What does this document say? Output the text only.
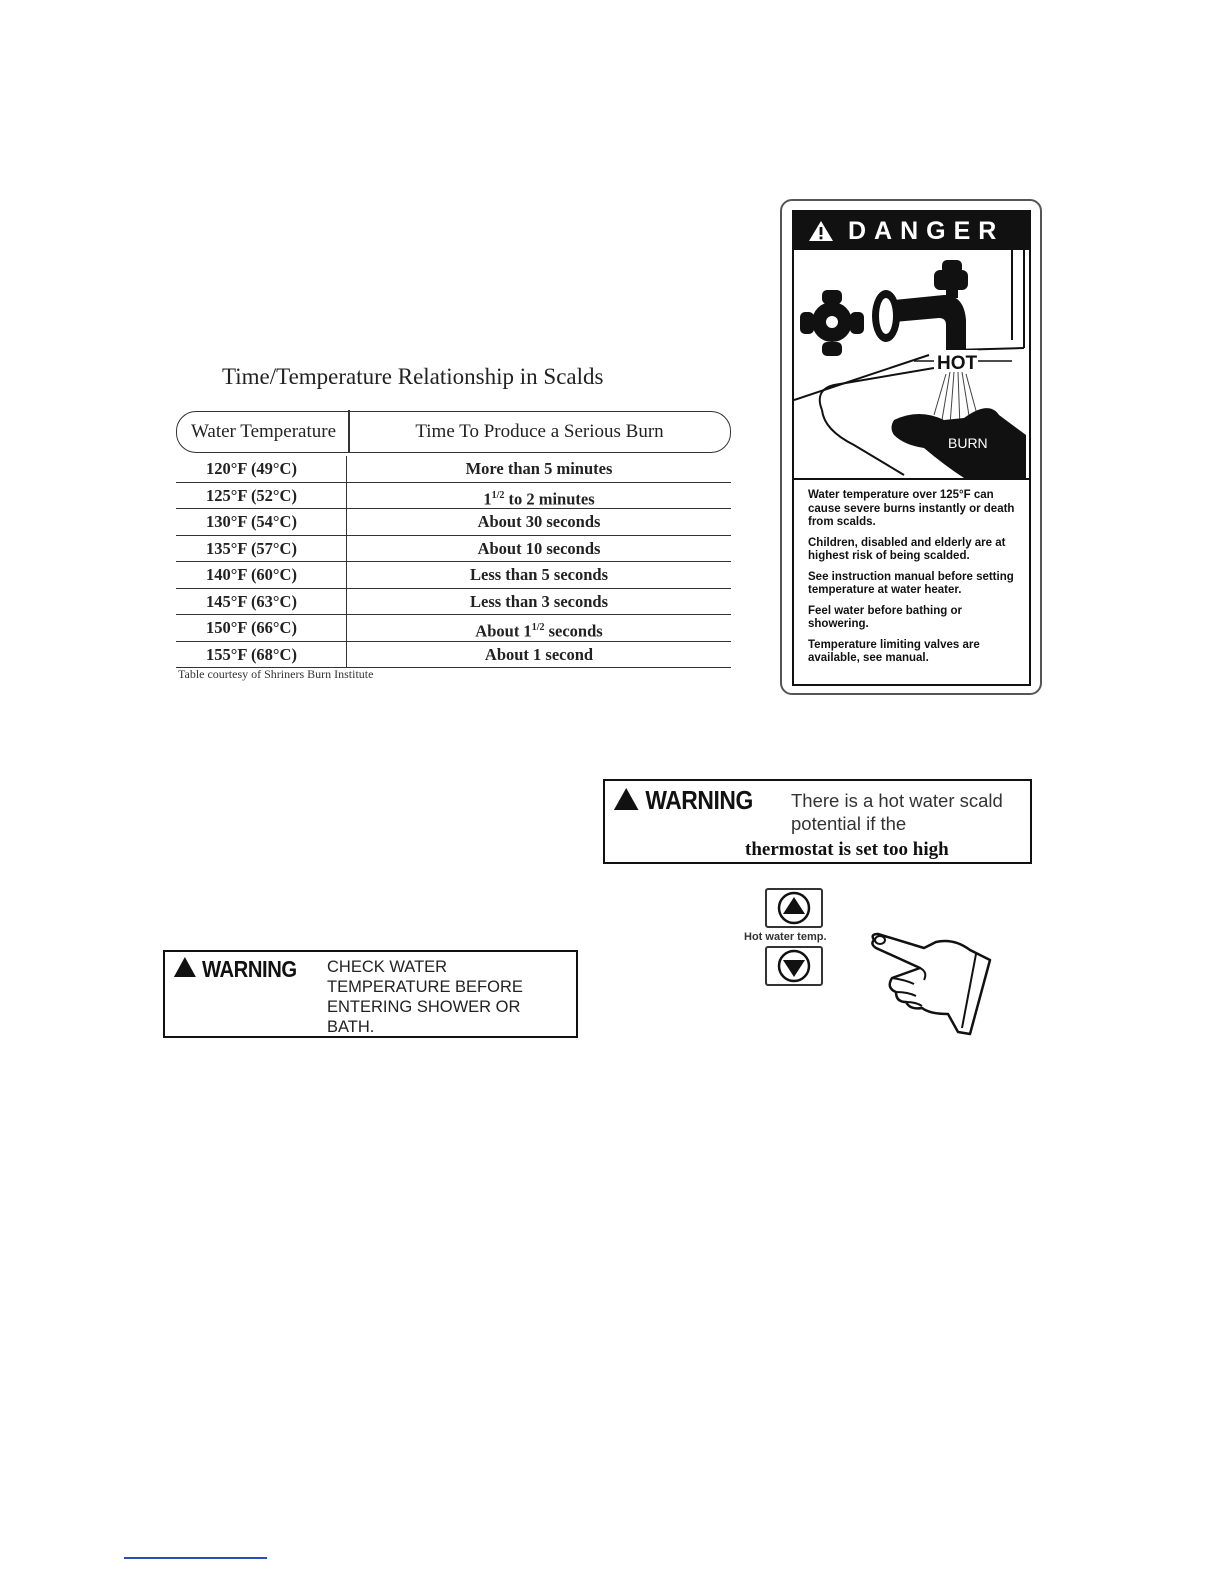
Time/Temperature Relationship in Scalds
Water Temperature	Time To Produce a Serious Burn
120°F (49°C)	More than 5 minutes
125°F (52°C)	$1^{1/2}$ to 2 minutes
130°F (54°C)	About 30 seconds
135°F (57°C)	About 10 seconds
140°F (60°C)	Less than 5 seconds
145°F (63°C)	Less than 3 seconds
150°F (66°C)	About $1^{1/2}$ seconds
155°F (68°C)	About 1 second
Table courtesy of Shriners Burn Institute
DANGER
HOT
BURN

Water temperature over 125°F can cause severe burns instantly or death from scalds.

Children, disabled and elderly are at highest risk of being scalded.

See instruction manual before setting temperature at water heater.

Feel water before bathing or showering.

Temperature limiting valves are available, see manual.

WARNING There is a hot water scald potential if the
thermostat is set too high
Hot water temp.
WARNING CHECK WATER TEMPERATURE BEFORE ENTERING SHOWER OR BATH.
